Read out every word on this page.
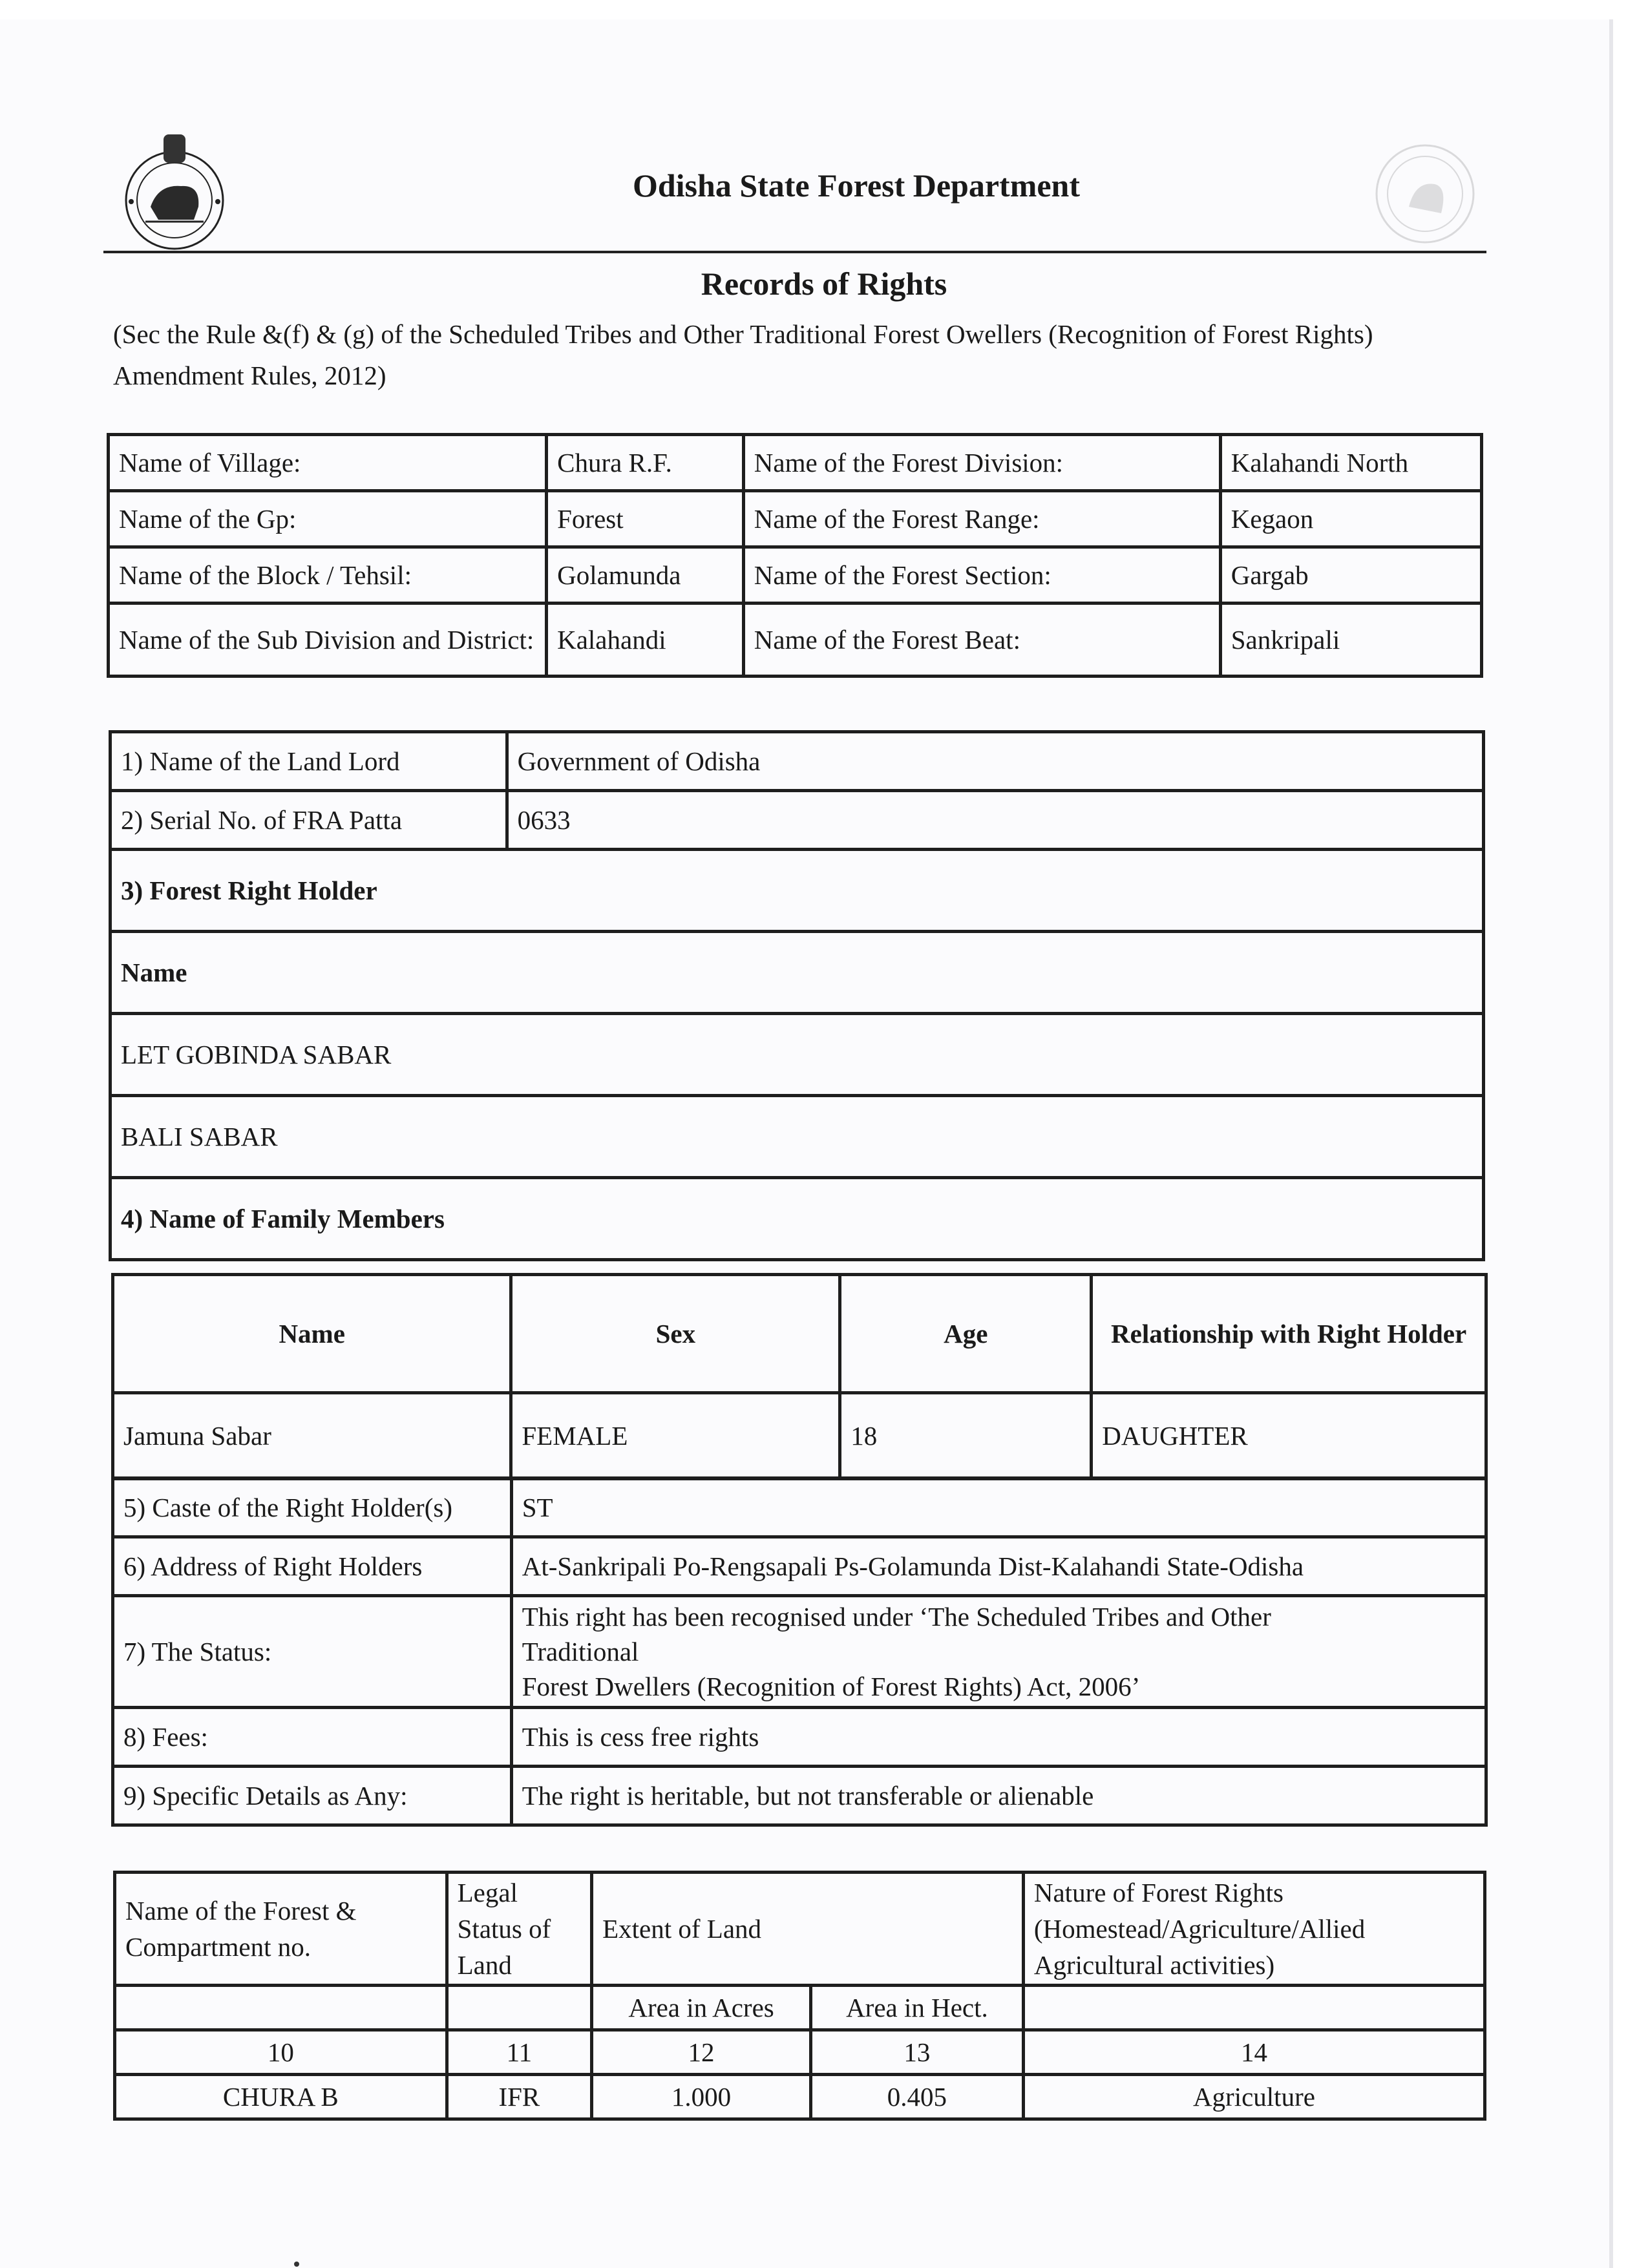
Odisha State Forest Department
Records of Rights
(Sec the Rule &(f) & (g) of the Scheduled Tribes and Other Traditional Forest Owellers (Recognition of Forest Rights) Amendment Rules, 2012)
Name of Village:	Chura R.F.	Name of the Forest Division:	Kalahandi North
Name of the Gp:	Forest	Name of the Forest Range:	Kegaon
Name of the Block / Tehsil:	Golamunda	Name of the Forest Section:	Gargab
Name of the Sub Division and District:	Kalahandi	Name of the Forest Beat:	Sankripali
1) Name of the Land Lord	Government of Odisha
2) Serial No. of FRA Patta	0633
3) Forest Right Holder	
Name	
LET GOBINDA SABAR	
BALI SABAR	
4) Name of Family Members	
Name	Sex	Age	Relationship with Right Holder
Jamuna Sabar	FEMALE	18	DAUGHTER
5) Caste of the Right Holder(s)	ST
6) Address of Right Holders	At-Sankripali Po-Rengsapali Ps-Golamunda Dist-Kalahandi State-Odisha
7) The Status:	This right has been recognised under ‘The Scheduled Tribes and Other
Traditional
Forest Dwellers (Recognition of Forest Rights) Act, 2006’

8) Fees:	This is cess free rights
9) Specific Details as Any:	The right is heritable, but not transferable or alienable
Name of the Forest & Compartment no.	Legal Status of Land	Extent of Land		Nature of Forest Rights (Homestead/Agriculture/Allied Agricultural activities)
		Area in Acres	Area in Hect.	
10	11	12	13	14
CHURA B	IFR	1.000	0.405	Agriculture
